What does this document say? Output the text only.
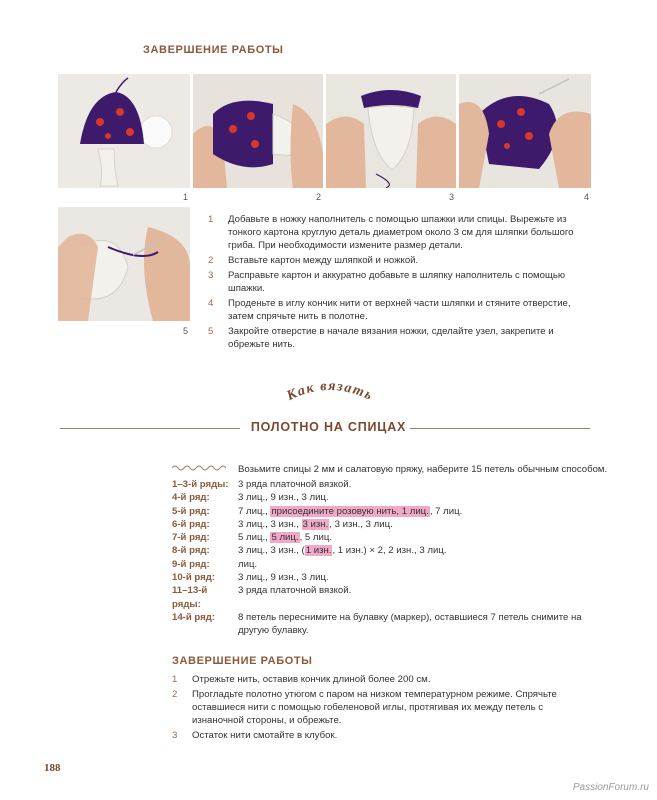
ЗАВЕРШЕНИЕ РАБОТЫ
1	2	3	4
5
1 Добавьте в ножку наполнитель с помощью шпажки или спицы. Вырежьте из тонкого картона круглую деталь диаметром около 3 см для шляпки большого гриба. При необходимости измените размер детали.
2 Вставьте картон между шляпкой и ножкой.
3 Расправьте картон и аккуратно добавьте в шляпку наполнитель с помощью шпажки.
4 Проденьте в иглу кончик нити от верхней части шляпки и стяните отверстие, затем спрячьте нить в полотне.
5 Закройте отверстие в начале вязания ножки, сделайте узел, закрепите и обрежьте нить.
Как вязать
ПОЛОТНО НА СПИЦАХ
Возьмите спицы 2 мм и салатовую пряжу, наберите 15 петель обычным способом.
1–3-й ряды: 3 ряда платочной вязкой.
4-й ряд:	3 лиц., 9 изн., 3 лиц.
5-й ряд:	7 лиц., присоедините розовую нить, 1 лиц., 7 лиц.
6-й ряд:	3 лиц., 3 изн., 3 изн., 3 изн., 3 лиц.
7-й ряд:	5 лиц., 5 лиц., 5 лиц.
8-й ряд:	3 лиц., 3 изн., (1 изн., 1 изн.) × 2, 2 изн., 3 лиц.
9-й ряд:	лиц.
10-й ряд:	3 лиц., 9 изн., 3 лиц.
11–13-й ряды:
3 ряда платочной вязкой.
14-й ряд:	8 петель переснимите на булавку (маркер), оставшиеся 7 петель снимите на другую булавку.
ЗАВЕРШЕНИЕ РАБОТЫ
1 Отрежьте нить, оставив кончик длиной более 200 см.
2 Прогладьте полотно утюгом с паром на низком температурном режиме. Спрячьте оставшиеся нити с помощью гобеленовой иглы, протягивая их между петель с изнаночной стороны, и обрежьте.
3 Остаток нити смотайте в клубок.
188
PassionForum.ru
